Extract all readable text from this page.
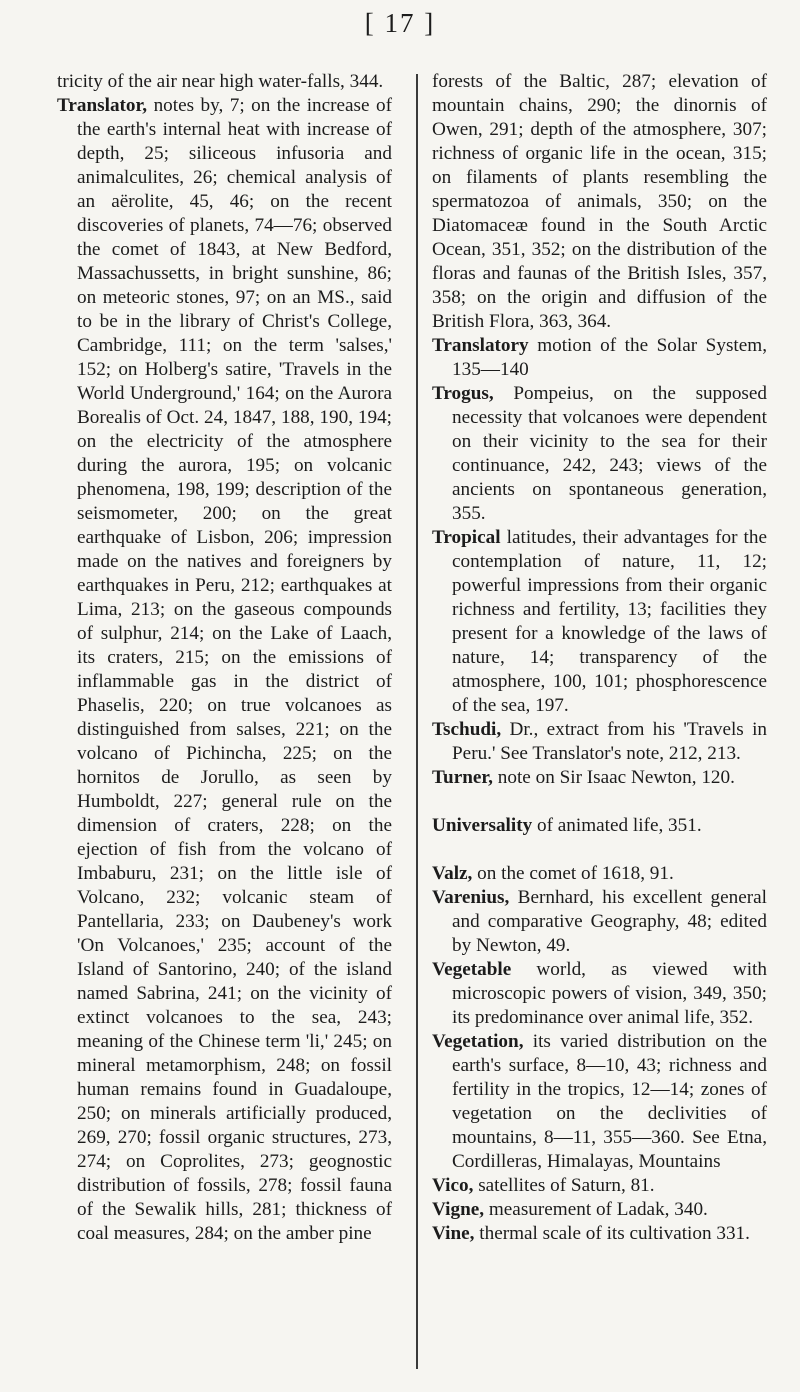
[ 17 ]

tricity of the air near high water-falls, 344.

Translator, notes by, 7; on the increase of the earth's internal heat with increase of depth, 25; siliceous infusoria and animalculites, 26; chemical analysis of an aërolite, 45, 46; on the recent discoveries of planets, 74—76; observed the comet of 1843, at New Bedford, Massachussetts, in bright sunshine, 86; on meteoric stones, 97; on an MS., said to be in the library of Christ's College, Cambridge, 111; on the term 'salses,' 152; on Holberg's satire, 'Travels in the World Underground,' 164; on the Aurora Borealis of Oct. 24, 1847, 188, 190, 194; on the electricity of the atmosphere during the aurora, 195; on volcanic phenomena, 198, 199; description of the seismometer, 200; on the great earthquake of Lisbon, 206; impression made on the natives and foreigners by earthquakes in Peru, 212; earthquakes at Lima, 213; on the gaseous compounds of sulphur, 214; on the Lake of Laach, its craters, 215; on the emissions of inflammable gas in the district of Phaselis, 220; on true volcanoes as distinguished from salses, 221; on the volcano of Pichincha, 225; on the hornitos de Jorullo, as seen by Humboldt, 227; general rule on the dimension of craters, 228; on the ejection of fish from the volcano of Imbaburu, 231; on the little isle of Volcano, 232; volcanic steam of Pantellaria, 233; on Daubeney's work 'On Volcanoes,' 235; account of the Island of Santorino, 240; of the island named Sabrina, 241; on the vicinity of extinct volcanoes to the sea, 243; meaning of the Chinese term 'li,' 245; on mineral metamorphism, 248; on fossil human remains found in Guadaloupe, 250; on minerals artificially produced, 269, 270; fossil organic structures, 273, 274; on Coprolites, 273; geognostic distribution of fossils, 278; fossil fauna of the Sewalik hills, 281; thickness of coal measures, 284; on the amber pine

forests of the Baltic, 287; elevation of mountain chains, 290; the dinornis of Owen, 291; depth of the atmosphere, 307; richness of organic life in the ocean, 315; on filaments of plants resembling the spermatozoa of animals, 350; on the Diatomaceæ found in the South Arctic Ocean, 351, 352; on the distribution of the floras and faunas of the British Isles, 357, 358; on the origin and diffusion of the British Flora, 363, 364.

Translatory motion of the Solar System, 135—140

Trogus, Pompeius, on the supposed necessity that volcanoes were dependent on their vicinity to the sea for their continuance, 242, 243; views of the ancients on spontaneous generation, 355.

Tropical latitudes, their advantages for the contemplation of nature, 11, 12; powerful impressions from their organic richness and fertility, 13; facilities they present for a knowledge of the laws of nature, 14; transparency of the atmosphere, 100, 101; phosphorescence of the sea, 197.

Tschudi, Dr., extract from his 'Travels in Peru.' See Translator's note, 212, 213.

Turner, note on Sir Isaac Newton, 120.

Universality of animated life, 351.

Valz, on the comet of 1618, 91.

Varenius, Bernhard, his excellent general and comparative Geography, 48; edited by Newton, 49.

Vegetable world, as viewed with microscopic powers of vision, 349, 350; its predominance over animal life, 352.

Vegetation, its varied distribution on the earth's surface, 8—10, 43; richness and fertility in the tropics, 12—14; zones of vegetation on the declivities of mountains, 8—11, 355—360. See Etna, Cordilleras, Himalayas, Mountains

Vico, satellites of Saturn, 81.

Vigne, measurement of Ladak, 340.

Vine, thermal scale of its cultivation 331.
